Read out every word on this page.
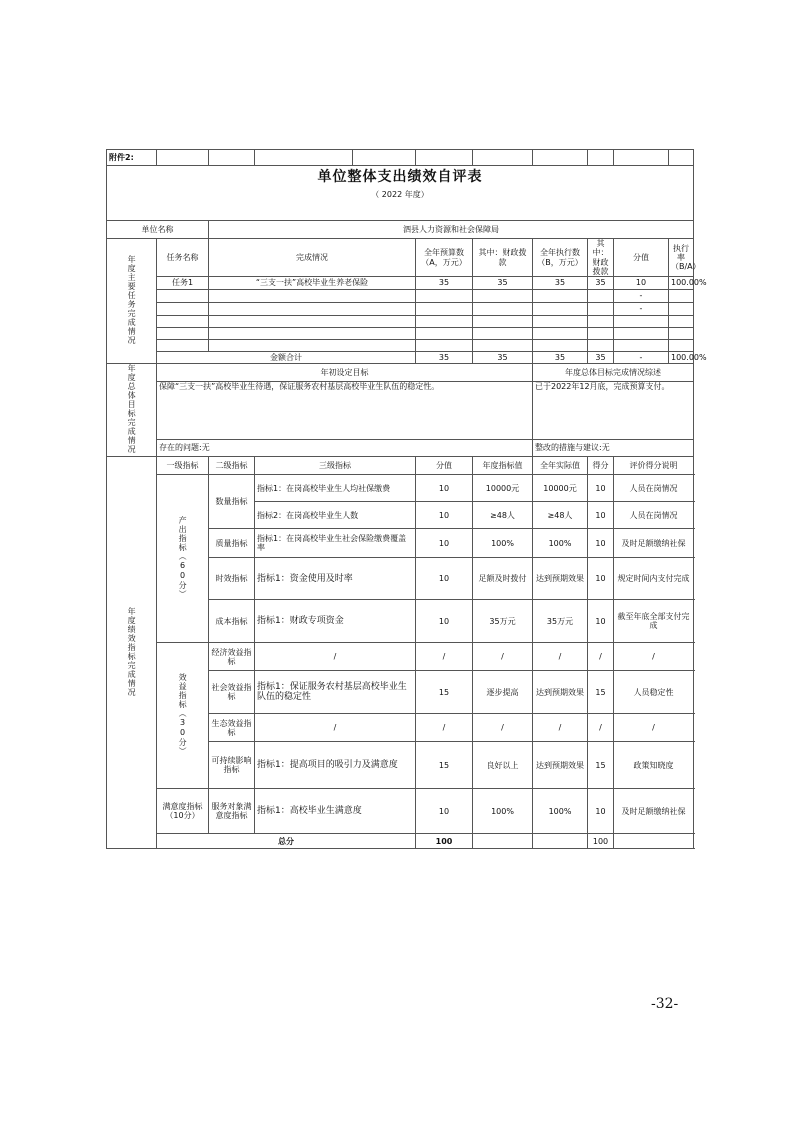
附件2:											
单位整体支出绩效自评表											
（ 2022 年度）											

单位名称		泗县人力资源和社会保障局									
年度主要任务完成情况	任务名称	完成情况			全年预算数（A，万元）	其中：财政拨款	全年执行数（B，万元）	其中：财政拨款	分值	执行率（B/A）	
	任务1	“三支一扶”高校毕业生养老保险			35	35	35	35	10	100.00%	
									-		
									-		

	金额合计				35	35	35	35	-	100.00%	
年度总体目标完成情况	年初设定目标						年度总体目标完成情况综述				
	保障“三支一扶”高校毕业生待遇，保证服务农村基层高校毕业生队伍的稳定性。						已于2022年12月底，完成预算支付。				
	存在的问题:无						整改的措施与建议:无				
年度绩效指标完成情况	一级指标	二级指标	三级指标		分值	年度指标值	全年实际值	得分	评价得分说明		
	产出指标（60分）	数量指标	指标1：在岗高校毕业生人均社保缴费		10	10000元	10000元	10	人员在岗情况		
			指标2：在岗高校毕业生人数		10	≥48人	≥48人	10	人员在岗情况		
		质量指标	指标1：在岗高校毕业生社会保险缴费覆盖率		10	100%	100%	10	及时足额缴纳社保		
		时效指标	指标1：资金使用及时率		10	足额及时拨付	达到预期效果	10	规定时间内支付完成		
		成本指标	指标1：财政专项资金		10	35万元	35万元	10	截至年底全部支付完成		
	效益指标（30分）	经济效益指标	/		/	/	/	/	/		
		社会效益指标	指标1：保证服务农村基层高校毕业生队伍的稳定性		15	逐步提高	达到预期效果	15	人员稳定性		
		生态效益指标	/		/	/	/	/	/		
		可持续影响指标	指标1：提高项目的吸引力及满意度		15	良好以上	达到预期效果	15	政策知晓度		
	满意度指标（10分）	服务对象满意度指标	指标1：高校毕业生满意度		10	100%	100%	10	及时足额缴纳社保		
	总分				100			100			
-32-
